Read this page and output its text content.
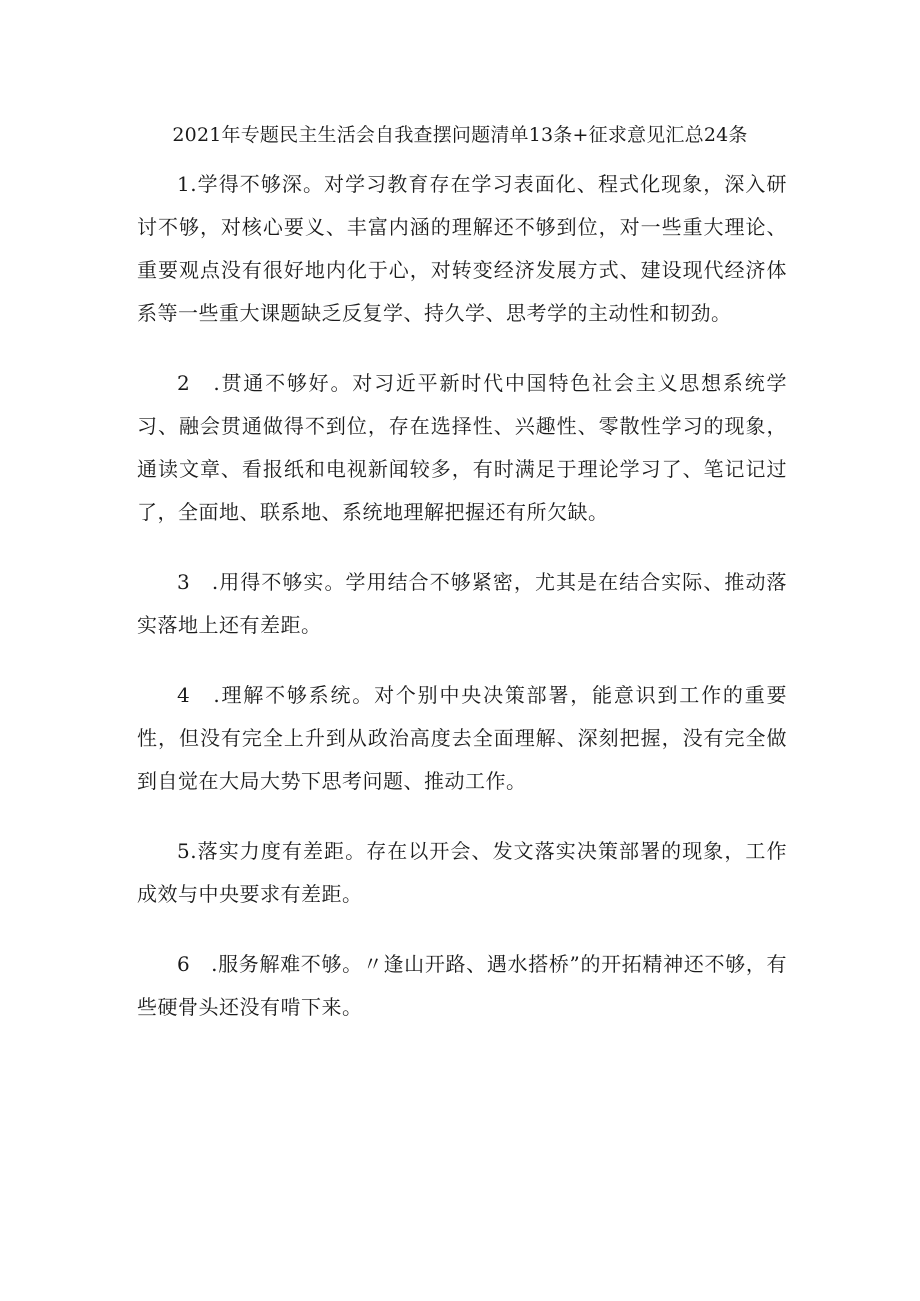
2021年专题民主生活会自我查摆问题清单13条+征求意见汇总24条

1.学得不够深。对学习教育存在学习表面化、程式化现象，深入研讨不够，对核心要义、丰富内涵的理解还不够到位，对一些重大理论、重要观点没有很好地内化于心，对转变经济发展方式、建设现代经济体系等一些重大课题缺乏反复学、持久学、思考学的主动性和韧劲。

2　.贯通不够好。对习近平新时代中国特色社会主义思想系统学习、融会贯通做得不到位，存在选择性、兴趣性、零散性学习的现象，通读文章、看报纸和电视新闻较多，有时满足于理论学习了、笔记记过了，全面地、联系地、系统地理解把握还有所欠缺。

3　.用得不够实。学用结合不够紧密，尤其是在结合实际、推动落实落地上还有差距。

4　.理解不够系统。对个别中央决策部署，能意识到工作的重要性，但没有完全上升到从政治高度去全面理解、深刻把握，没有完全做到自觉在大局大势下思考问题、推动工作。

5.落实力度有差距。存在以开会、发文落实决策部署的现象，工作成效与中央要求有差距。

6　.服务解难不够。〃逢山开路、遇水搭桥”的开拓精神还不够，有些硬骨头还没有啃下来。
